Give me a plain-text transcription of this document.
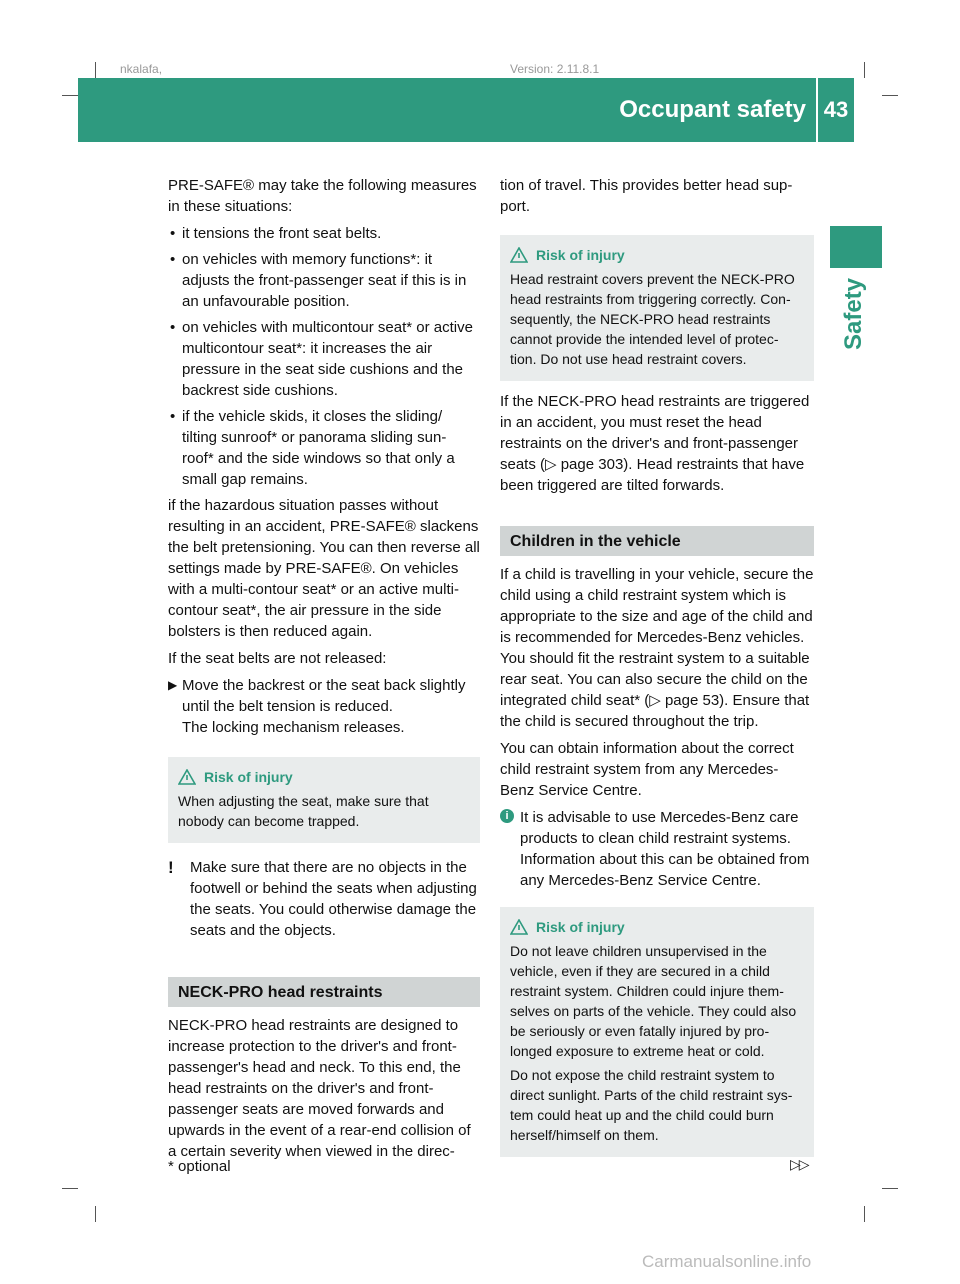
nkalafa,	Version: 2.11.8.1
Occupant safety 43
Safety

PRE-SAFE® may take the following measures in these situations:

• it tensions the front seat belts.
• on vehicles with memory functions*: it adjusts the front-passenger seat if this is in an unfavourable position.
• on vehicles with multicontour seat* or active multicontour seat*: it increases the air pressure in the seat side cushions and the backrest side cushions.
• if the vehicle skids, it closes the sliding/ tilting sunroof* or panorama sliding sun- roof* and the side windows so that only a small gap remains.

if the hazardous situation passes without resulting in an accident, PRE-SAFE® slackens the belt pretensioning. You can then reverse all settings made by PRE-SAFE®. On vehicles with a multi-contour seat* or an active multi- contour seat*, the air pressure in the side bolsters is then reduced again.

If the seat belts are not released:

▶ Move the backrest or the seat back slightly until the belt tension is reduced.
The locking mechanism releases.
Risk of injury

When adjusting the seat, make sure that nobody can become trapped.

! Make sure that there are no objects in the footwell or behind the seats when adjusting the seats. You could otherwise damage the seats and the objects.
NECK-PRO head restraints

NECK-PRO head restraints are designed to increase protection to the driver's and front- passenger's head and neck. To this end, the head restraints on the driver's and front- passenger seats are moved forwards and upwards in the event of a rear-end collision of a certain severity when viewed in the direc-

tion of travel. This provides better head sup- port.

Risk of injury

Head restraint covers prevent the NECK-PRO head restraints from triggering correctly. Con- sequently, the NECK-PRO head restraints cannot provide the intended level of protec- tion. Do not use head restraint covers.

If the NECK-PRO head restraints are triggered in an accident, you must reset the head restraints on the driver's and front-passenger seats (▷ page 303). Head restraints that have been triggered are tilted forwards.

Children in the vehicle

If a child is travelling in your vehicle, secure the child using a child restraint system which is appropriate to the size and age of the child and is recommended for Mercedes-Benz vehicles. You should fit the restraint system to a suitable rear seat. You can also secure the child on the integrated child seat* (▷ page 53). Ensure that the child is secured throughout the trip.

You can obtain information about the correct child restraint system from any Mercedes- Benz Service Centre.

i It is advisable to use Mercedes-Benz care products to clean child restraint systems. Information about this can be obtained from any Mercedes-Benz Service Centre.
Risk of injury

Do not leave children unsupervised in the vehicle, even if they are secured in a child restraint system. Children could injure them- selves on parts of the vehicle. They could also be seriously or even fatally injured by pro- longed exposure to extreme heat or cold.

Do not expose the child restraint system to direct sunlight. Parts of the child restraint sys- tem could heat up and the child could burn herself/himself on them.

* optional	▷▷
Carmanualsonline.info
